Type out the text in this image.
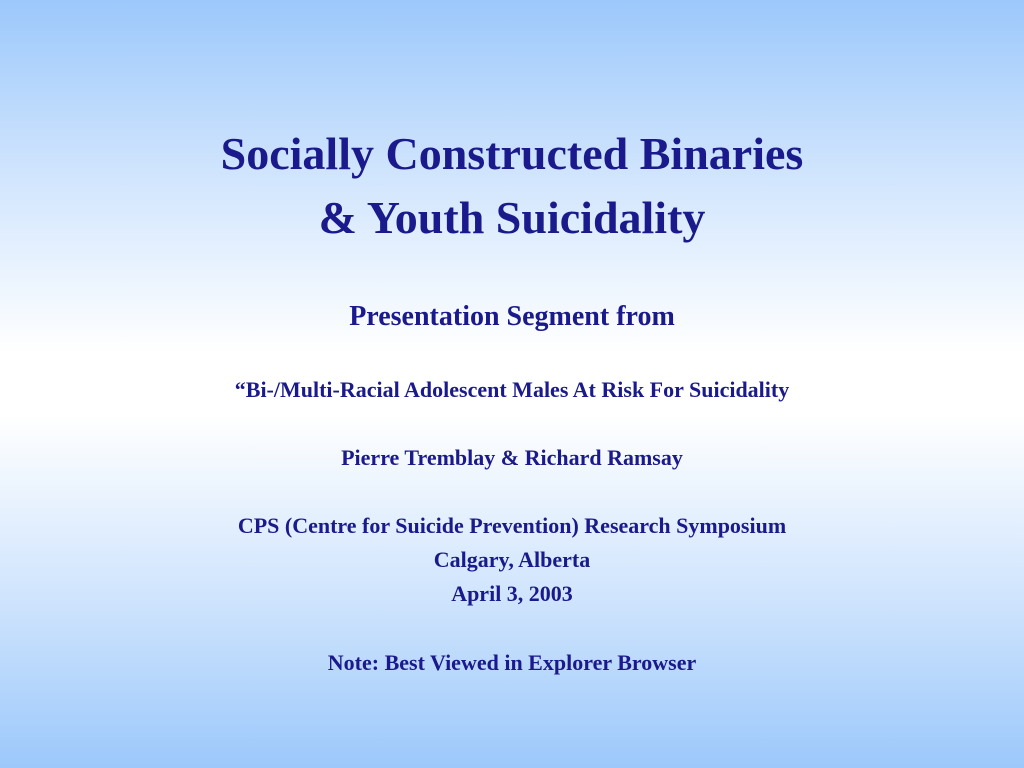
Socially Constructed Binaries
& Youth Suicidality
Presentation Segment from
“Bi-/Multi-Racial Adolescent Males At Risk For Suicidality
Pierre Tremblay & Richard Ramsay
CPS (Centre for Suicide Prevention) Research Symposium
Calgary, Alberta
April 3, 2003
Note: Best Viewed in Explorer Browser
